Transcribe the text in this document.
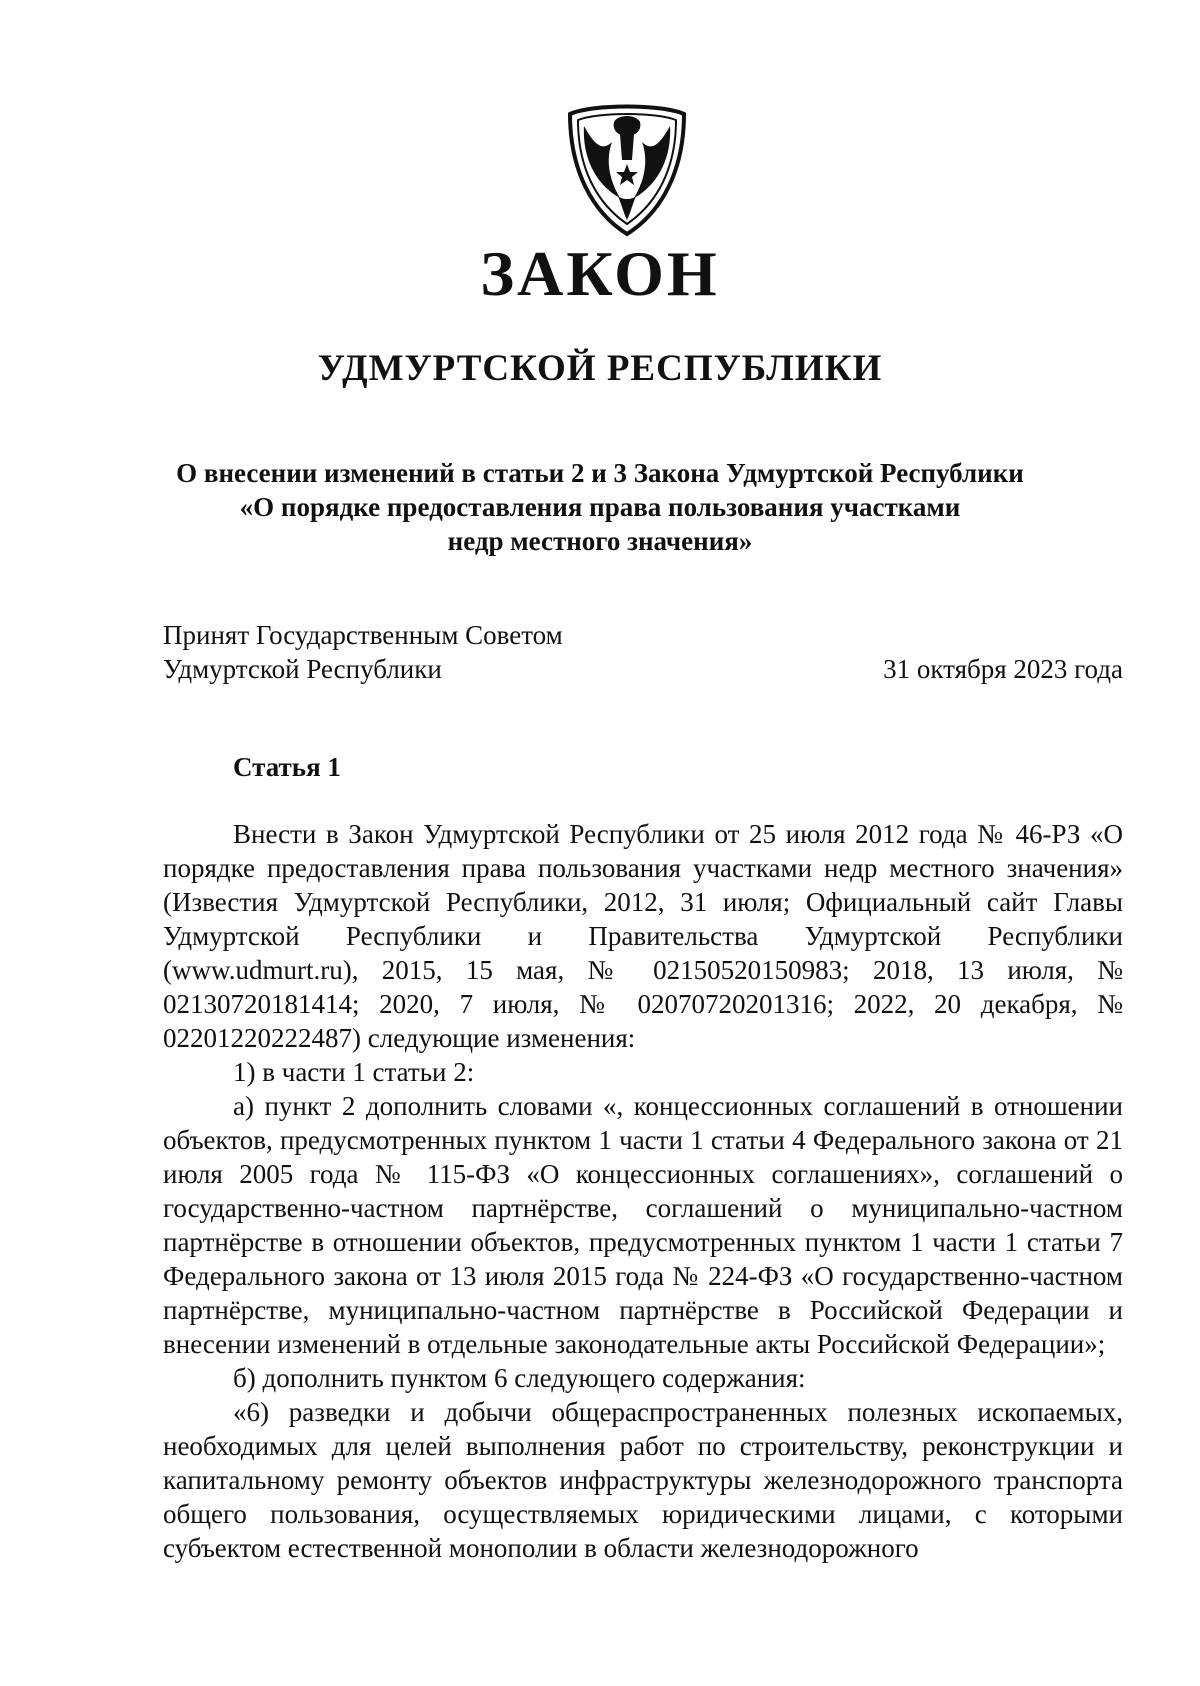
ЗАКОН
УДМУРТСКОЙ РЕСПУБЛИКИ
О внесении изменений в статьи 2 и 3 Закона Удмуртской Республики
«О порядке предоставления права пользования участками
недр местного значения»
Принят Государственным Советом
Удмуртской Республики	31 октября 2023 года
Статья 1

Внести в Закон Удмуртской Республики от 25 июля 2012 года № 46-РЗ «О порядке предоставления права пользования участками недр местного значения» (Известия Удмуртской Республики, 2012, 31 июля; Официальный сайт Главы Удмуртской Республики и Правительства Удмуртской Республики (www.udmurt.ru), 2015, 15 мая, № 02150520150983; 2018, 13 июля, № 02130720181414; 2020, 7 июля, № 02070720201316; 2022, 20 декабря, № 02201220222487) следующие изменения:

1) в части 1 статьи 2:

а) пункт 2 дополнить словами «, концессионных соглашений в отношении объектов, предусмотренных пунктом 1 части 1 статьи 4 Федерального закона от 21 июля 2005 года № 115-ФЗ «О концессионных соглашениях», соглашений о государственно-частном партнёрстве, соглашений о муниципально-частном партнёрстве в отношении объектов, предусмотренных пунктом 1 части 1 статьи 7 Федерального закона от 13 июля 2015 года № 224-ФЗ «О государственно-частном партнёрстве, муниципально-частном партнёрстве в Российской Федерации и внесении изменений в отдельные законодательные акты Российской Федерации»;

б) дополнить пунктом 6 следующего содержания:

«6) разведки и добычи общераспространенных полезных ископаемых, необходимых для целей выполнения работ по строительству, реконструкции и капитальному ремонту объектов инфраструктуры железнодорожного транспорта общего пользования, осуществляемых юридическими лицами, с которыми субъектом естественной монополии в области железнодорожного
